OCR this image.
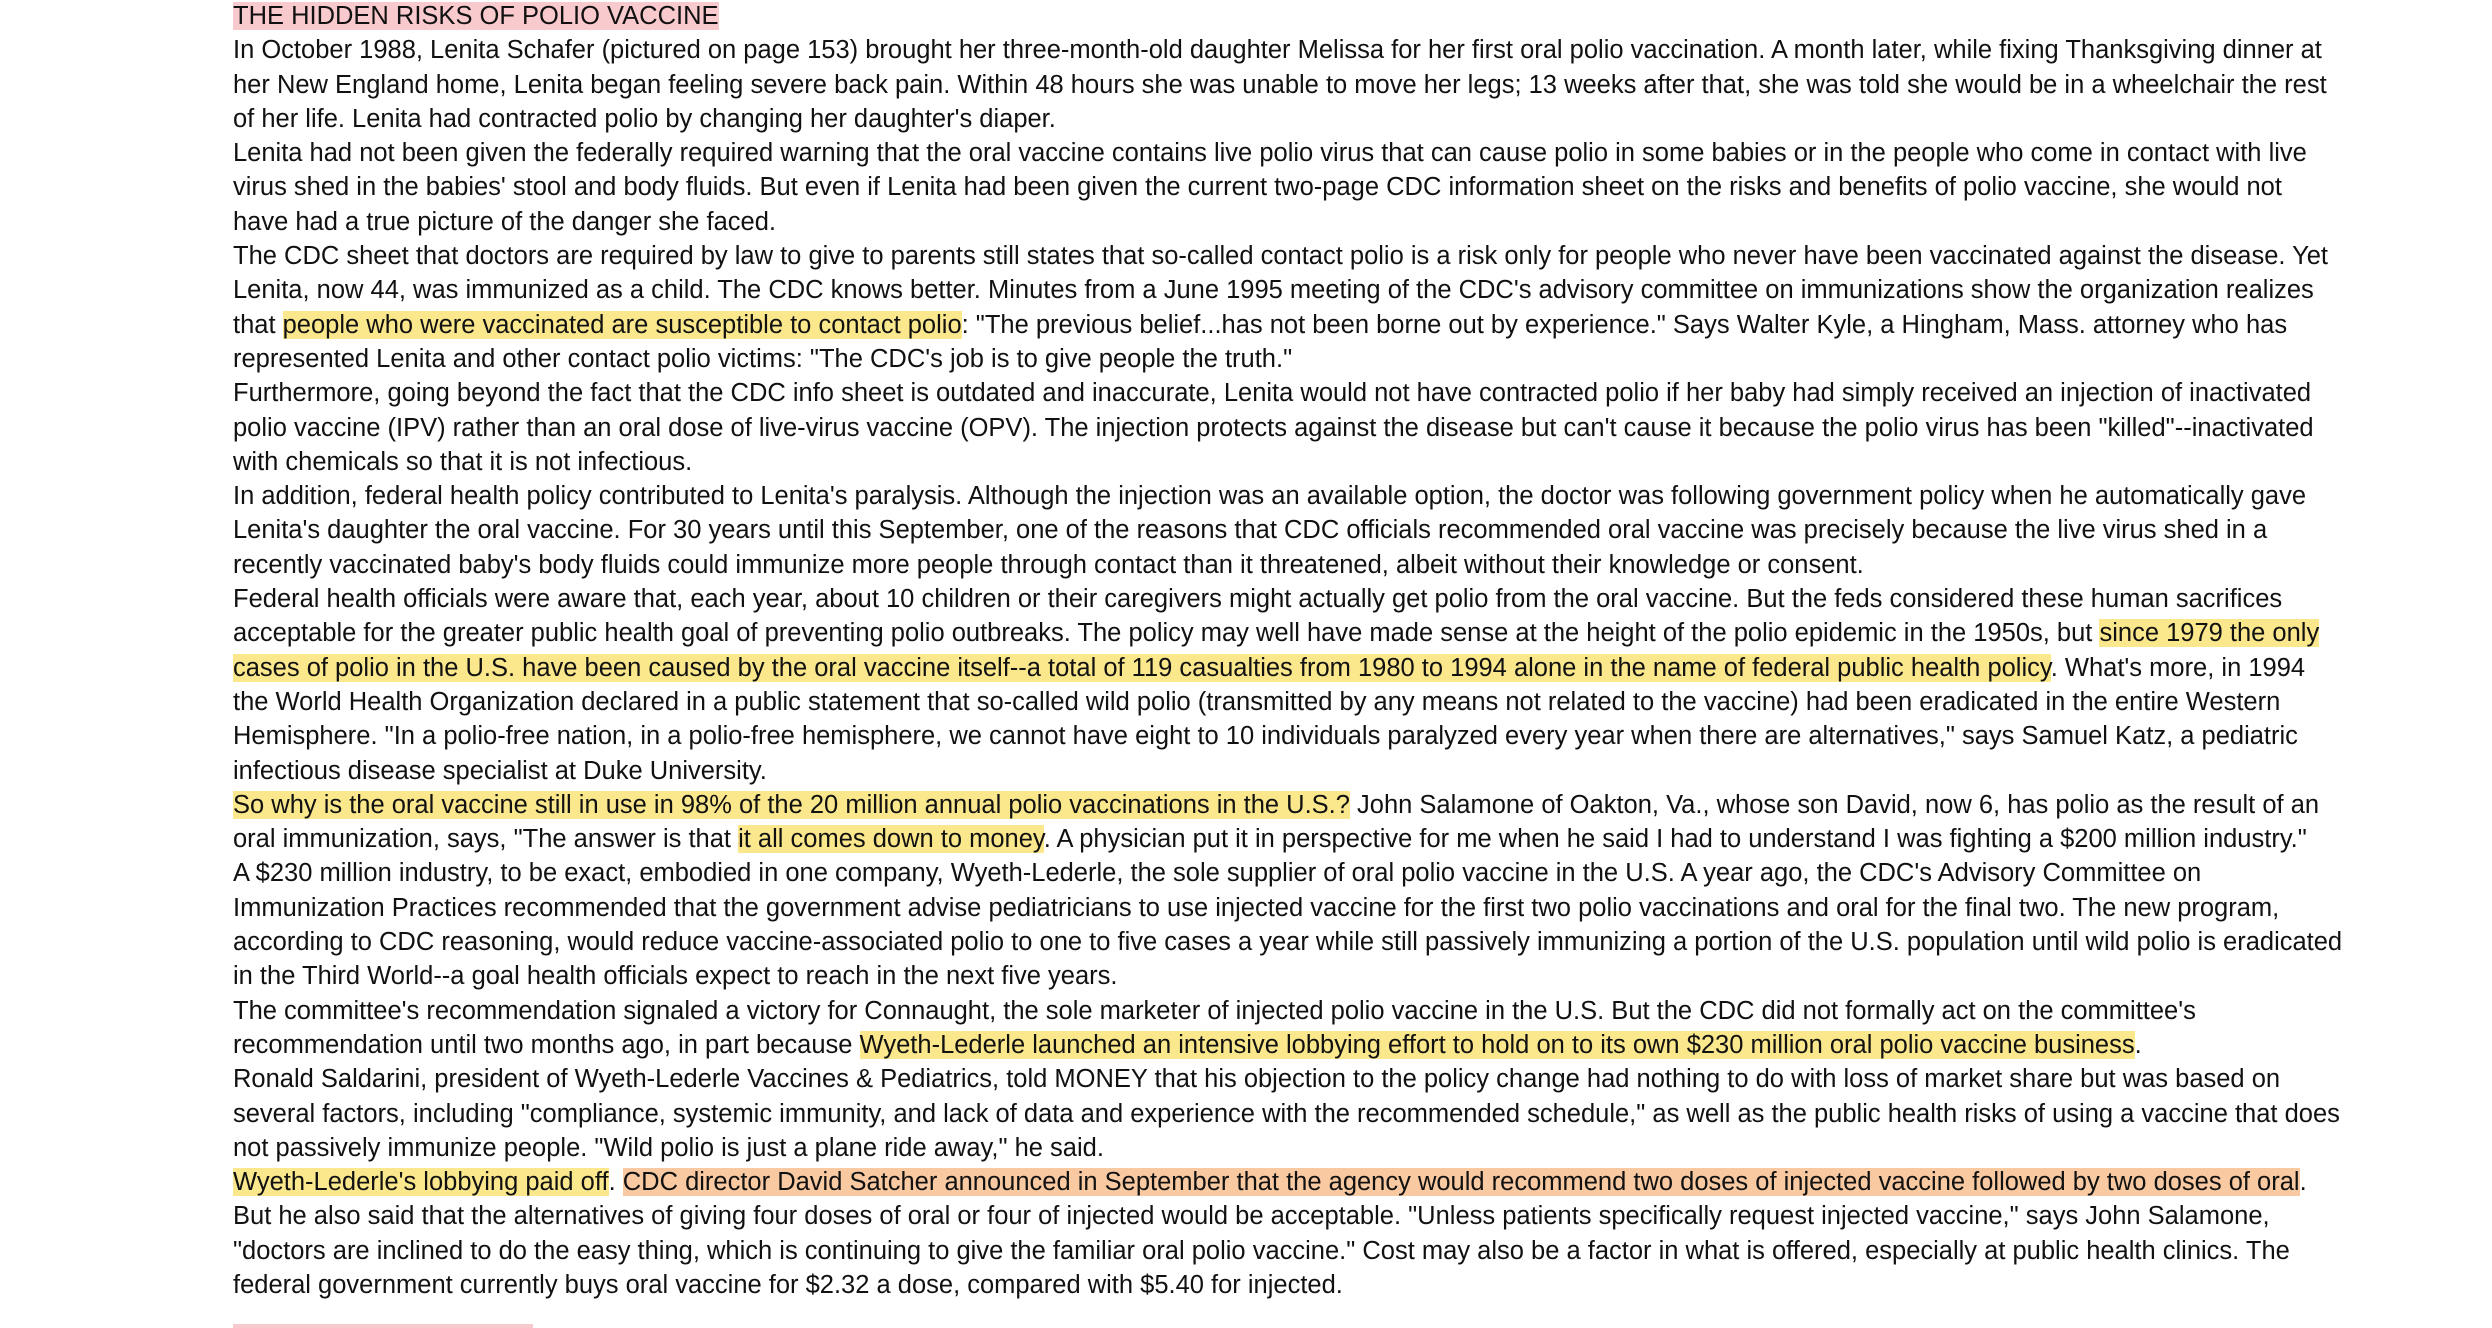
THE HIDDEN RISKS OF POLIO VACCINE

In October 1988, Lenita Schafer (pictured on page 153) brought her three-month-old daughter Melissa for her first oral polio vaccination. A month later, while fixing Thanksgiving dinner at her New England home, Lenita began feeling severe back pain. Within 48 hours she was unable to move her legs; 13 weeks after that, she was told she would be in a wheelchair the rest of her life. Lenita had contracted polio by changing her daughter's diaper.

Lenita had not been given the federally required warning that the oral vaccine contains live polio virus that can cause polio in some babies or in the people who come in contact with live virus shed in the babies' stool and body fluids. But even if Lenita had been given the current two-page CDC information sheet on the risks and benefits of polio vaccine, she would not have had a true picture of the danger she faced.

The CDC sheet that doctors are required by law to give to parents still states that so-called contact polio is a risk only for people who never have been vaccinated against the disease. Yet Lenita, now 44, was immunized as a child. The CDC knows better. Minutes from a June 1995 meeting of the CDC's advisory committee on immunizations show the organization realizes that people who were vaccinated are susceptible to contact polio: "The previous belief...has not been borne out by experience." Says Walter Kyle, a Hingham, Mass. attorney who has represented Lenita and other contact polio victims: "The CDC's job is to give people the truth."

Furthermore, going beyond the fact that the CDC info sheet is outdated and inaccurate, Lenita would not have contracted polio if her baby had simply received an injection of inactivated polio vaccine (IPV) rather than an oral dose of live-virus vaccine (OPV). The injection protects against the disease but can't cause it because the polio virus has been "killed"--inactivated with chemicals so that it is not infectious.

In addition, federal health policy contributed to Lenita's paralysis. Although the injection was an available option, the doctor was following government policy when he automatically gave Lenita's daughter the oral vaccine. For 30 years until this September, one of the reasons that CDC officials recommended oral vaccine was precisely because the live virus shed in a recently vaccinated baby's body fluids could immunize more people through contact than it threatened, albeit without their knowledge or consent.

Federal health officials were aware that, each year, about 10 children or their caregivers might actually get polio from the oral vaccine. But the feds considered these human sacrifices acceptable for the greater public health goal of preventing polio outbreaks. The policy may well have made sense at the height of the polio epidemic in the 1950s, but since 1979 the only cases of polio in the U.S. have been caused by the oral vaccine itself--a total of 119 casualties from 1980 to 1994 alone in the name of federal public health policy. What's more, in 1994 the World Health Organization declared in a public statement that so-called wild polio (transmitted by any means not related to the vaccine) had been eradicated in the entire Western Hemisphere. "In a polio-free nation, in a polio-free hemisphere, we cannot have eight to 10 individuals paralyzed every year when there are alternatives," says Samuel Katz, a pediatric infectious disease specialist at Duke University.

So why is the oral vaccine still in use in 98% of the 20 million annual polio vaccinations in the U.S.? John Salamone of Oakton, Va., whose son David, now 6, has polio as the result of an oral immunization, says, "The answer is that it all comes down to money. A physician put it in perspective for me when he said I had to understand I was fighting a $200 million industry."

A $230 million industry, to be exact, embodied in one company, Wyeth-Lederle, the sole supplier of oral polio vaccine in the U.S. A year ago, the CDC's Advisory Committee on Immunization Practices recommended that the government advise pediatricians to use injected vaccine for the first two polio vaccinations and oral for the final two. The new program, according to CDC reasoning, would reduce vaccine-associated polio to one to five cases a year while still passively immunizing a portion of the U.S. population until wild polio is eradicated in the Third World--a goal health officials expect to reach in the next five years.

The committee's recommendation signaled a victory for Connaught, the sole marketer of injected polio vaccine in the U.S. But the CDC did not formally act on the committee's recommendation until two months ago, in part because Wyeth-Lederle launched an intensive lobbying effort to hold on to its own $230 million oral polio vaccine business.

Ronald Saldarini, president of Wyeth-Lederle Vaccines & Pediatrics, told MONEY that his objection to the policy change had nothing to do with loss of market share but was based on several factors, including "compliance, systemic immunity, and lack of data and experience with the recommended schedule," as well as the public health risks of using a vaccine that does not passively immunize people. "Wild polio is just a plane ride away," he said.

Wyeth-Lederle's lobbying paid off. CDC director David Satcher announced in September that the agency would recommend two doses of injected vaccine followed by two doses of oral. But he also said that the alternatives of giving four doses of oral or four of injected would be acceptable. "Unless patients specifically request injected vaccine," says John Salamone, "doctors are inclined to do the easy thing, which is continuing to give the familiar oral polio vaccine." Cost may also be a factor in what is offered, especially at public health clinics. The federal government currently buys oral vaccine for $2.32 a dose, compared with $5.40 for injected.
